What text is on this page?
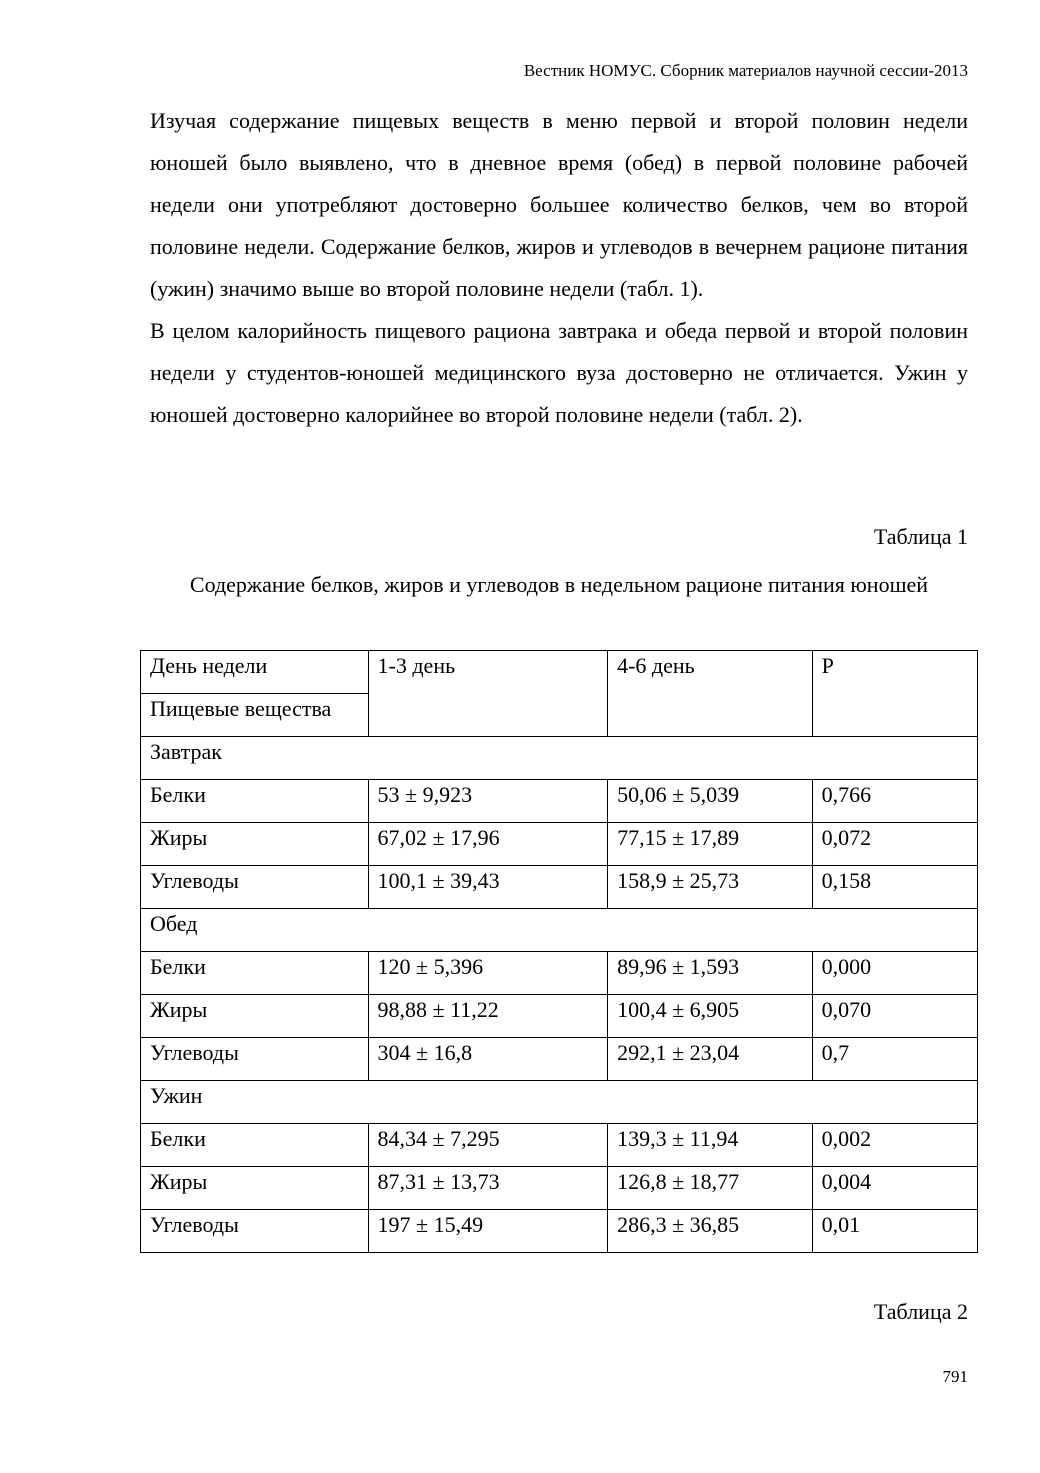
Вестник НОМУС. Сборник материалов научной сессии-2013

Изучая содержание пищевых веществ в меню первой и второй половин недели юношей было выявлено, что в дневное время (обед) в первой половине рабочей недели они употребляют достоверно большее количество белков, чем во второй половине недели. Содержание белков, жиров и углеводов в вечернем рационе питания (ужин) значимо выше во второй половине недели (табл. 1).

В целом калорийность пищевого рациона завтрака и обеда первой и второй половин недели у студентов-юношей медицинского вуза достоверно не отличается. Ужин у юношей достоверно калорийнее во второй половине недели (табл. 2).

Таблица 1
Содержание белков, жиров и углеводов в недельном рационе питания юношей
День недели	1-3 день	4-6 день	P
Пищевые вещества			
Завтрак			
Белки	53 ± 9,923	50,06 ± 5,039	0,766
Жиры	67,02 ± 17,96	77,15 ± 17,89	0,072
Углеводы	100,1 ± 39,43	158,9 ± 25,73	0,158
Обед			
Белки	120 ± 5,396	89,96 ± 1,593	0,000
Жиры	98,88 ± 11,22	100,4 ± 6,905	0,070
Углеводы	304 ± 16,8	292,1 ± 23,04	0,7
Ужин			
Белки	84,34 ± 7,295	139,3 ± 11,94	0,002
Жиры	87,31 ± 13,73	126,8 ± 18,77	0,004
Углеводы	197 ± 15,49	286,3 ± 36,85	0,01
Таблица 2
791
